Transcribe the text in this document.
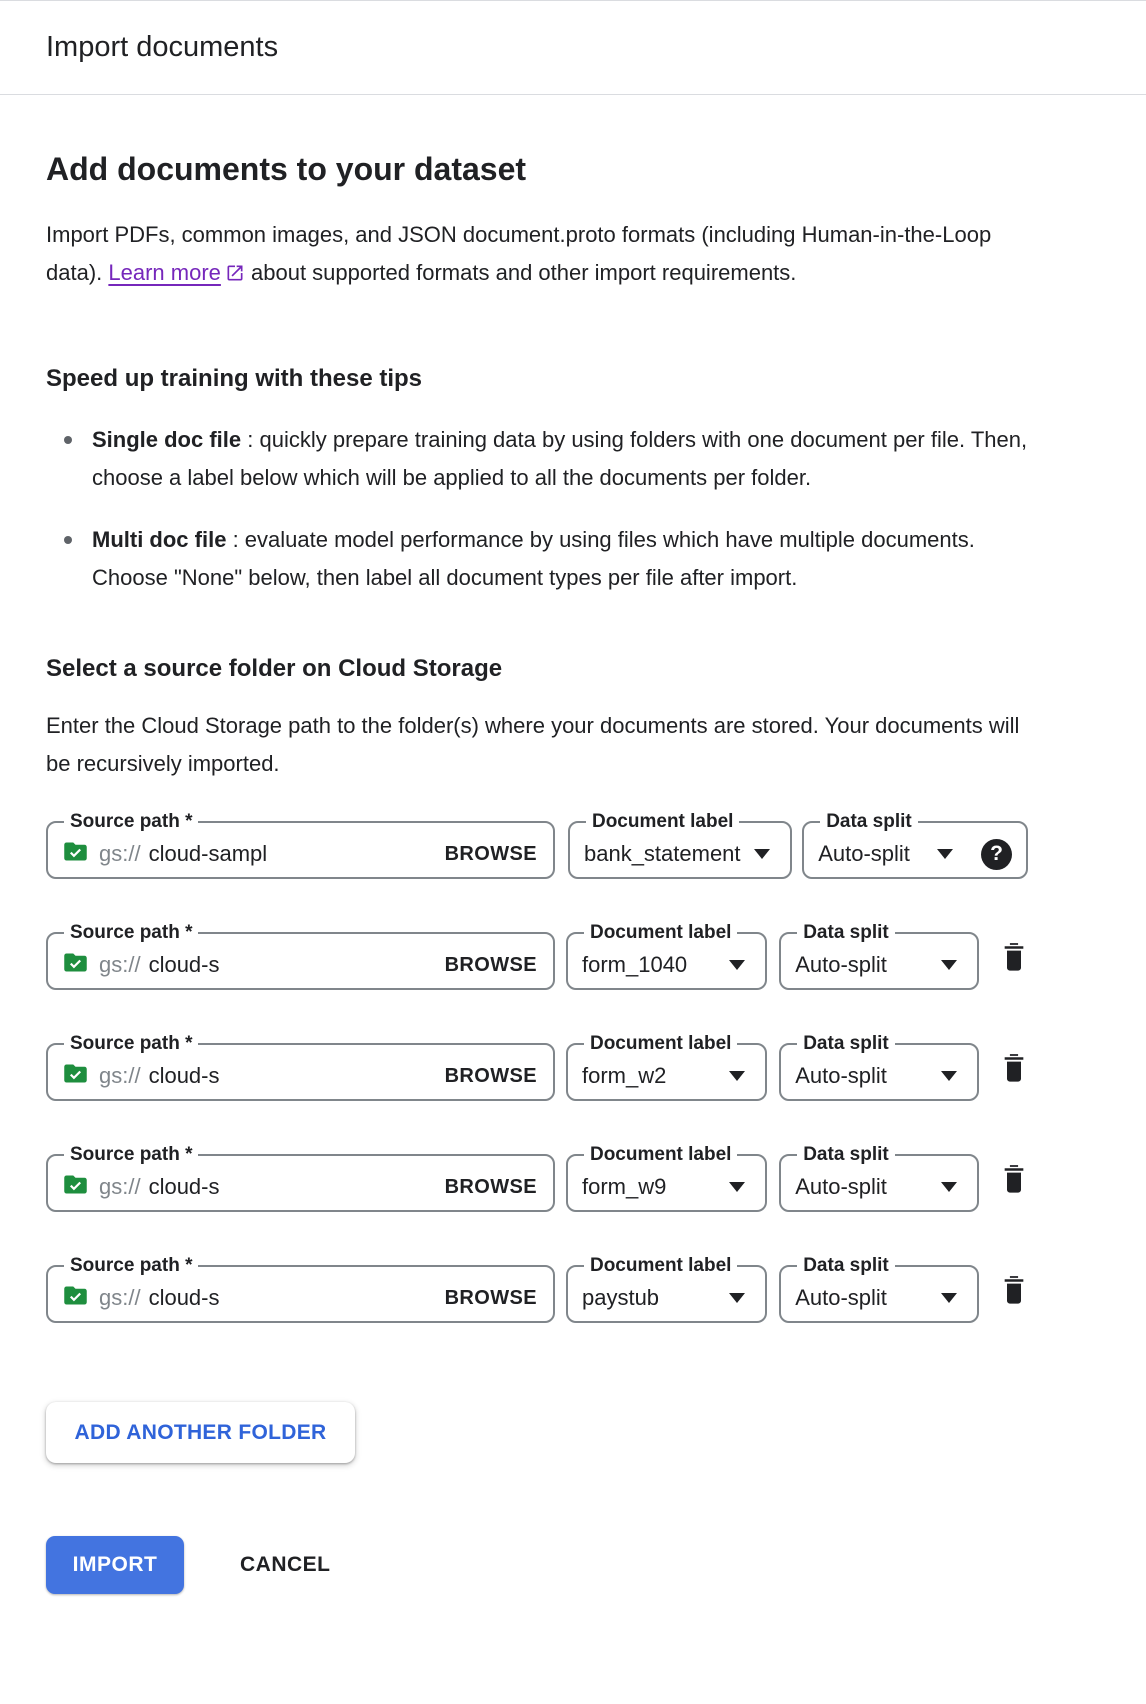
Import documents
Add documents to your dataset

Import PDFs, common images, and JSON document.proto formats (including Human-in-the-Loop data). Learn more about supported formats and other import requirements.

Speed up training with these tips
Single doc file : quickly prepare training data by using folders with one document per file. Then, choose a label below which will be applied to all the documents per folder.
Multi doc file : evaluate model performance by using files which have multiple documents. Choose "None" below, then label all document types per file after import.
Select a source folder on Cloud Storage

Enter the Cloud Storage path to the folder(s) where your documents are stored. Your documents will be recursively imported.

Source path *
gs://
cloud-sampl	BROWSE
Document label
bank_statement
Data split
Auto-split	?
Source path *
gs://
cloud-s	BROWSE
Document label
form_1040
Data split
Auto-split
Source path *
gs://
cloud-s	BROWSE
Document label
form_w2
Data split
Auto-split
Source path *
gs://
cloud-s	BROWSE
Document label
form_w9
Data split
Auto-split
Source path *
gs://
cloud-s	BROWSE
Document label
paystub
Data split
Auto-split
ADD ANOTHER FOLDER
IMPORT	CANCEL
